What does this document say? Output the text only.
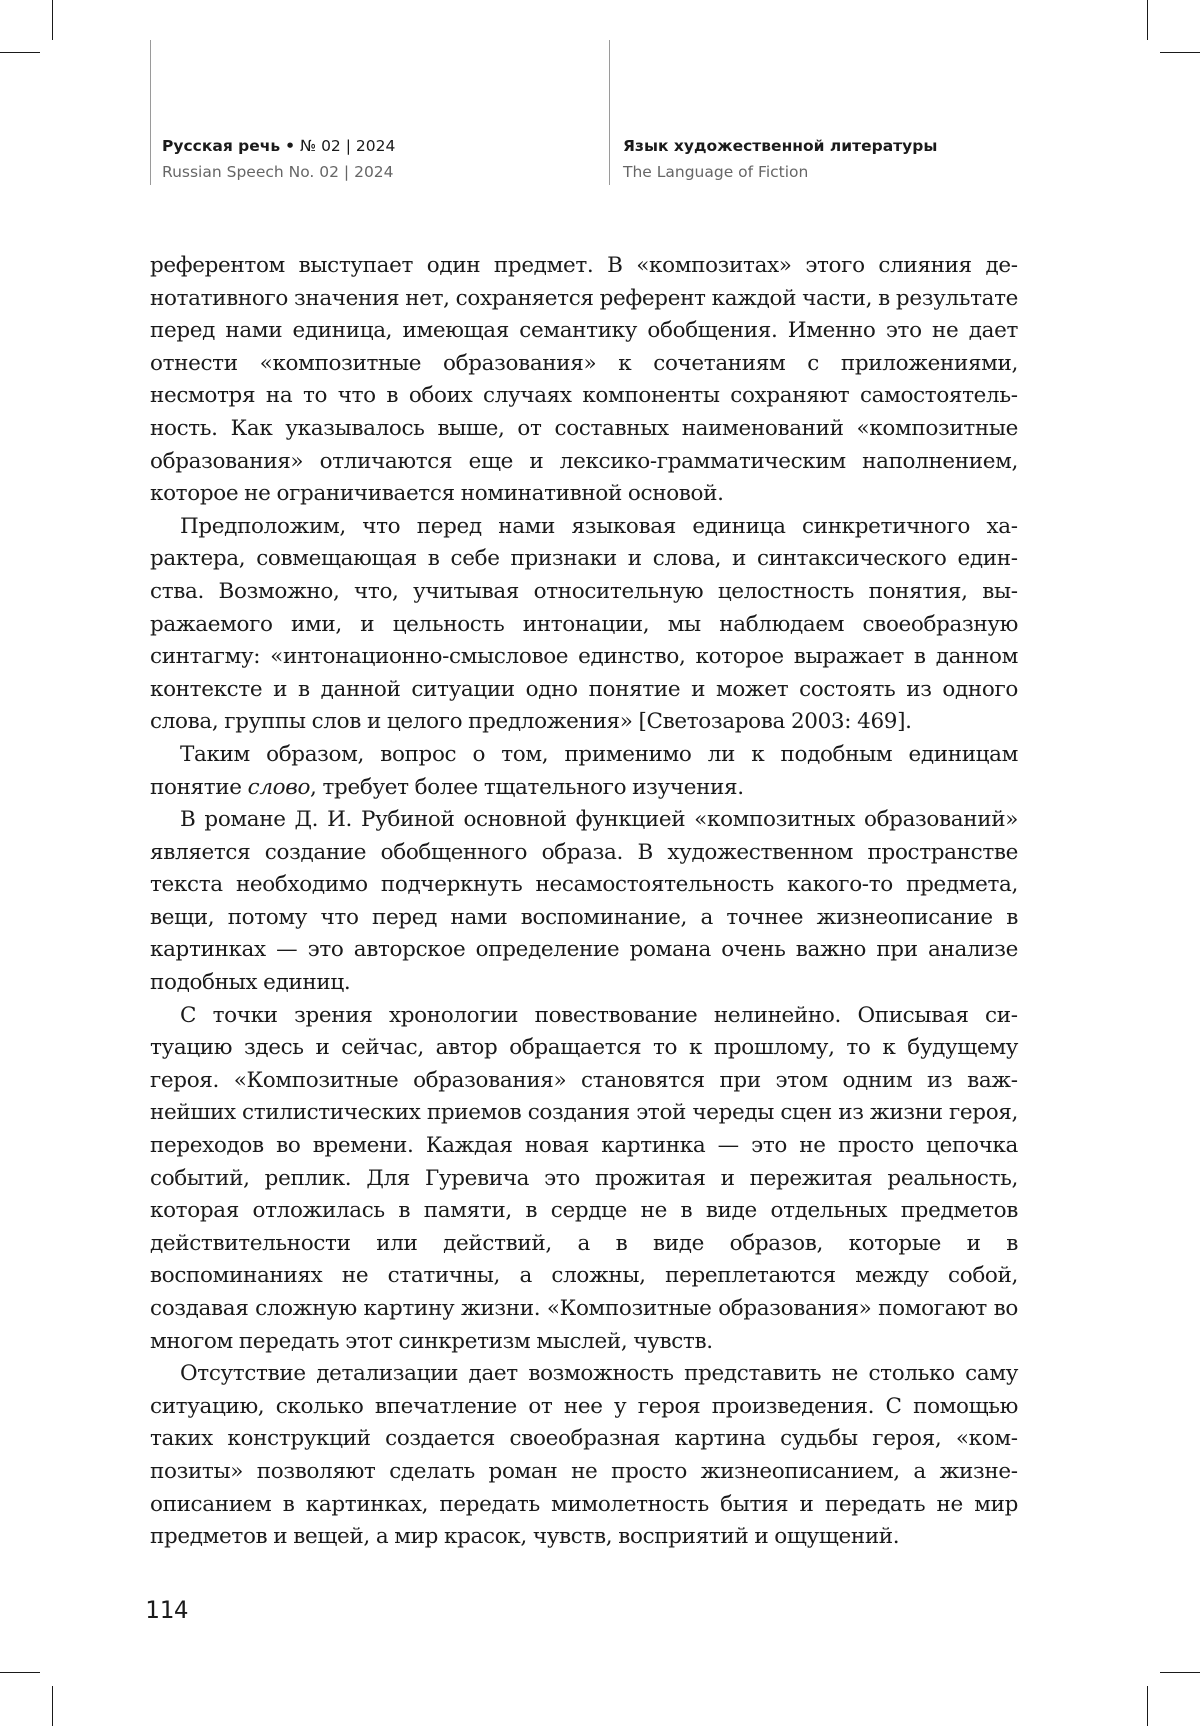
Русская речь • № 02 | 2024
Russian Speech No. 02 | 2024
Язык художественной литературы
The Language of Fiction

референтом выступает один предмет. В «композитах» этого слияния денотативного значения нет, сохраняется референт каждой части, в результате перед нами единица, имеющая семантику обобщения. Именно это не дает отнести «композитные образования» к сочетаниям с приложениями, несмотря на то что в обоих случаях компоненты сохраняют самостоятельность. Как указывалось выше, от составных наименований «композитные образования» отличаются еще и лексико-грамматическим наполнением, которое не ограничивается номинативной основой.

Предположим, что перед нами языковая единица синкретичного характера, совмещающая в себе признаки и слова, и синтаксического единства. Возможно, что, учитывая относительную целостность понятия, выражаемого ими, и цельность интонации, мы наблюдаем своеобразную синтагму: «интонационно-смысловое единство, которое выражает в данном контексте и в данной ситуации одно понятие и может состоять из одного слова, группы слов и целого предложения» [Светозарова 2003: 469].

Таким образом, вопрос о том, применимо ли к подобным единицам понятие слово, требует более тщательного изучения.

В романе Д. И. Рубиной основной функцией «композитных образований» является создание обобщенного образа. В художественном пространстве текста необходимо подчеркнуть несамостоятельность какого-то предмета, вещи, потому что перед нами воспоминание, а точнее жизнеописание в картинках — это авторское определение романа очень важно при анализе подобных единиц.

С точки зрения хронологии повествование нелинейно. Описывая ситуацию здесь и сейчас, автор обращается то к прошлому, то к будущему героя. «Композитные образования» становятся при этом одним из важнейших стилистических приемов создания этой череды сцен из жизни героя, переходов во времени. Каждая новая картинка — это не просто цепочка событий, реплик. Для Гуревича это прожитая и пережитая реальность, которая отложилась в памяти, в сердце не в виде отдельных предметов действительности или действий, а в виде образов, которые и в воспоминаниях не статичны, а сложны, переплетаются между собой, создавая сложную картину жизни. «Композитные образования» помогают во многом передать этот синкретизм мыслей, чувств.

Отсутствие детализации дает возможность представить не столько саму ситуацию, сколько впечатление от нее у героя произведения. С помощью таких конструкций создается своеобразная картина судьбы героя, «композиты» позволяют сделать роман не просто жизнеописанием, а жизнеописанием в картинках, передать мимолетность бытия и передать не мир предметов и вещей, а мир красок, чувств, восприятий и ощущений.

114
